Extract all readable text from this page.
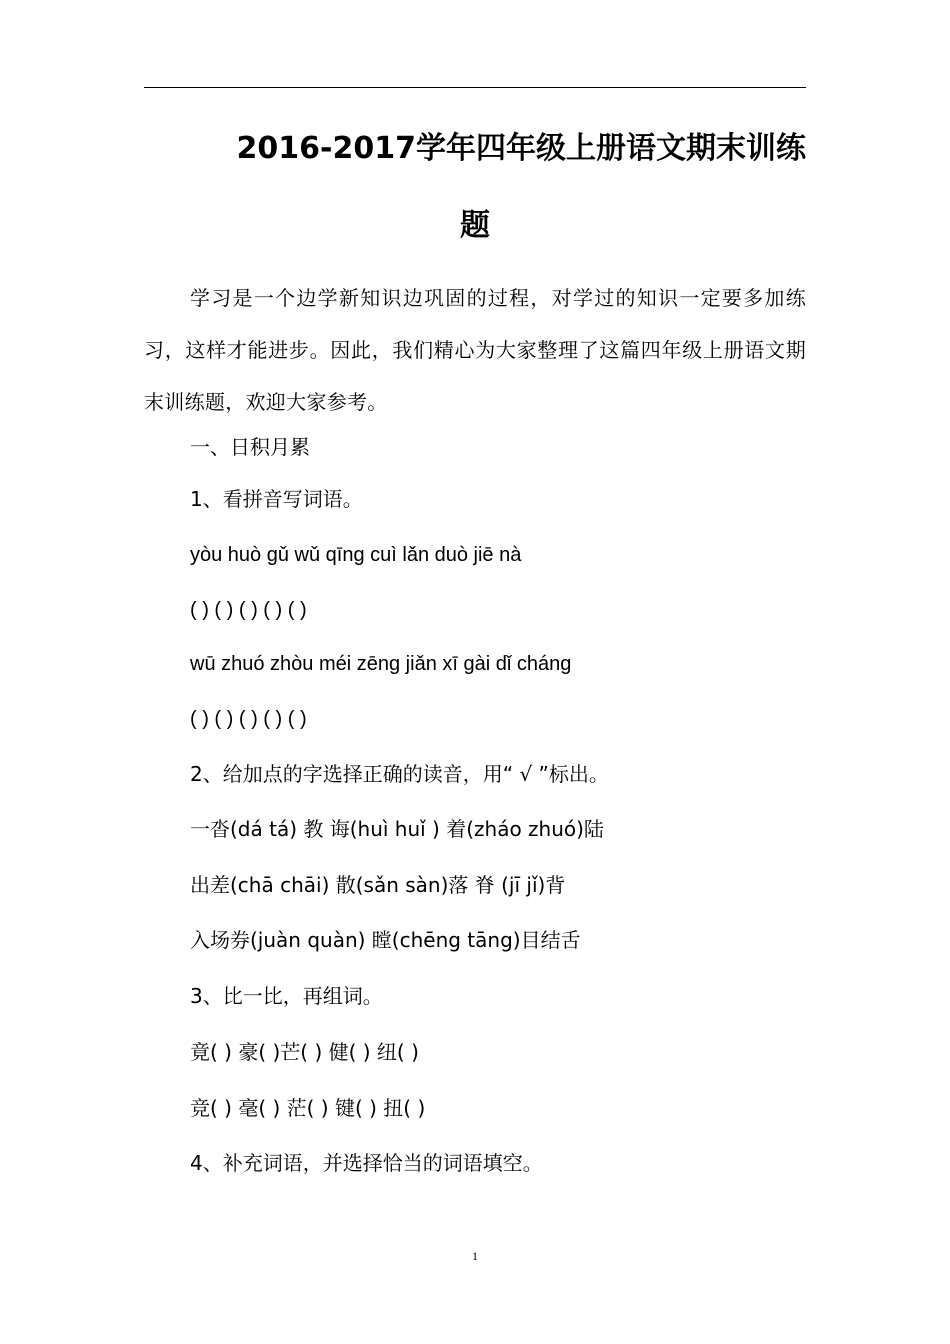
2016-2017学年四年级上册语文期末训练
题

学习是一个边学新知识边巩固的过程，对学过的知识一定要多加练习，这样才能进步。因此，我们精心为大家整理了这篇四年级上册语文期末训练题，欢迎大家参考。

一、日积月累

1、看拼音写词语。

yòu huò gǔ wǔ qīng cuì lǎn duò jiē nà

( ) ( ) ( ) ( ) ( )

wū zhuó zhòu méi zēng jiǎn xī gài dǐ cháng

( ) ( ) ( ) ( ) ( )

2、给加点的字选择正确的读音，用“ √ ”标出。

一沓(dá tá) 教 诲(huì huǐ ) 着(zháo zhuó)陆

出差(chā chāi) 散(sǎn sàn)落 脊 (jī jǐ)背

入场券(juàn quàn) 瞠(chēng tāng)目结舌

3、比一比，再组词。

竟( ) 豪( )芒( ) 健( ) 纽( )

竞( ) 毫( ) 茫( ) 键( ) 扭( )

4、补充词语，并选择恰当的词语填空。

1
